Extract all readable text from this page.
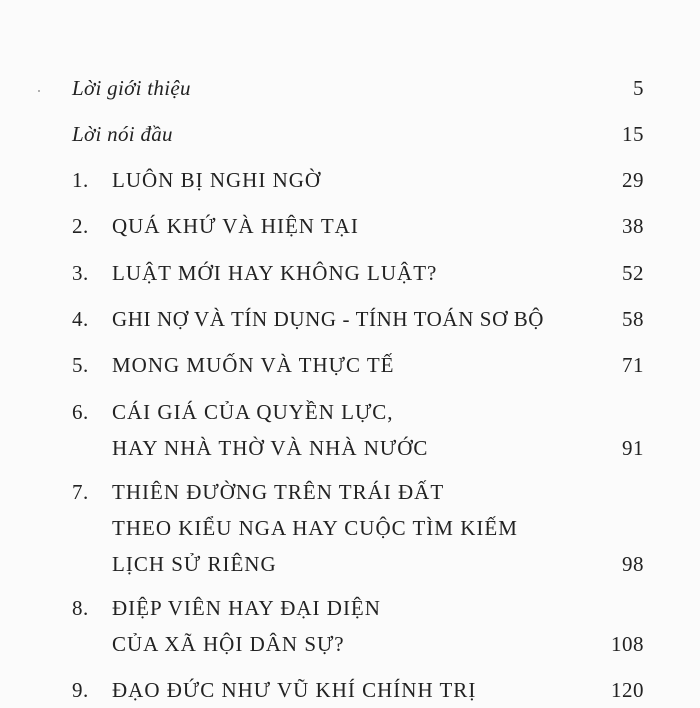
Lời giới thiệu	5
Lời nói đầu	15
1. LUÔN BỊ NGHI NGỜ	29
2. QUÁ KHỨ VÀ HIỆN TẠI	38
3. LUẬT MỚI HAY KHÔNG LUẬT?	52
4. GHI NỢ VÀ TÍN DỤNG - TÍNH TOÁN SƠ BỘ	58
5. MONG MUỐN VÀ THỰC TẾ	71
6. CÁI GIÁ CỦA QUYỀN LỰC,
HAY NHÀ THỜ VÀ NHÀ NƯỚC	91
7. THIÊN ĐƯỜNG TRÊN TRÁI ĐẤT
THEO KIỂU NGA HAY CUỘC TÌM KIẾM
LỊCH SỬ RIÊNG	98
8. ĐIỆP VIÊN HAY ĐẠI DIỆN
CỦA XÃ HỘI DÂN SỰ?	108
9. ĐẠO ĐỨC NHƯ VŨ KHÍ CHÍNH TRỊ	120
